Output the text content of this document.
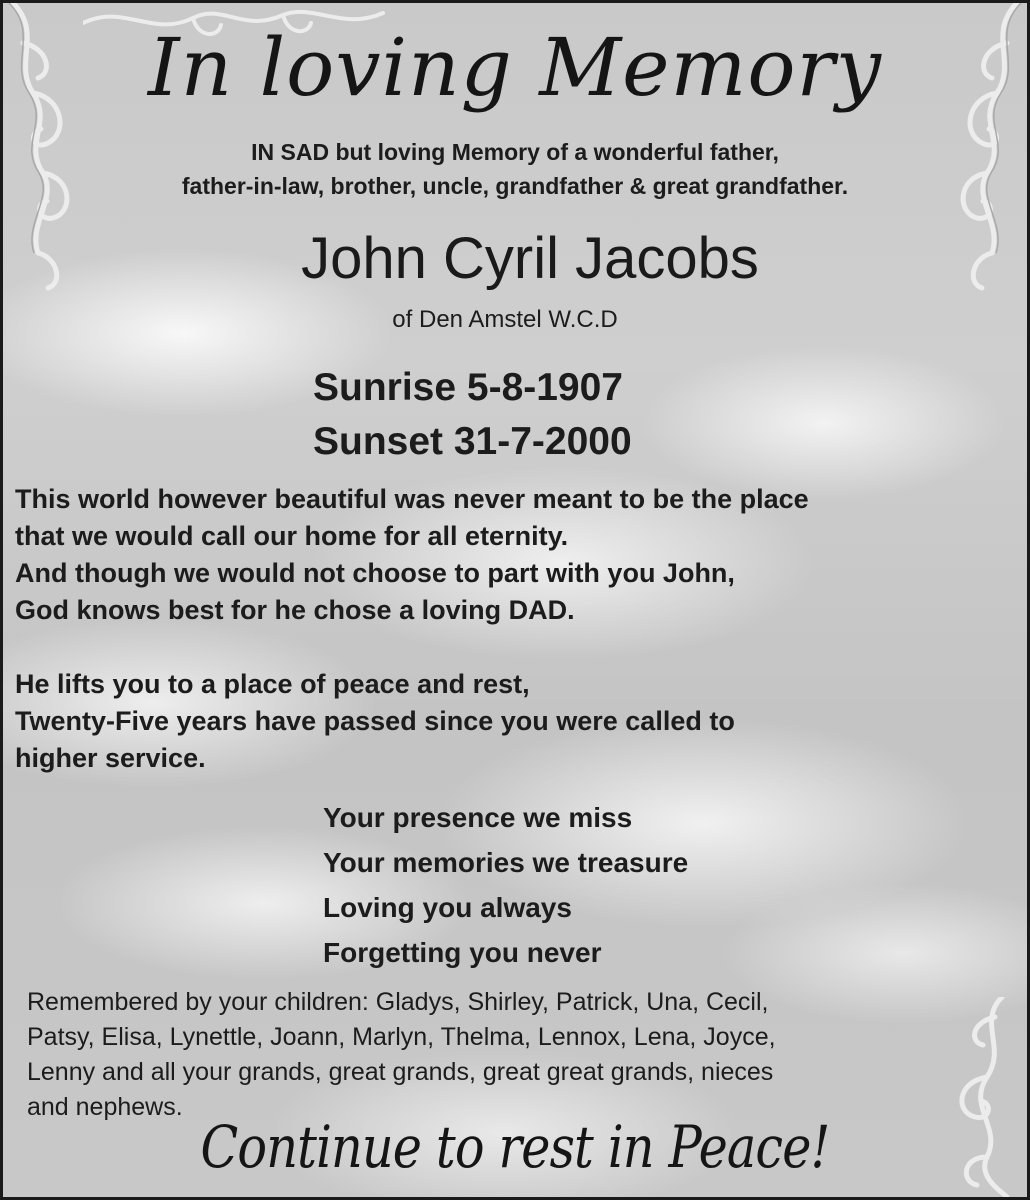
In loving Memory
IN SAD but loving Memory of a wonderful father,
father-in-law, brother, uncle, grandfather & great grandfather.
John Cyril Jacobs
of Den Amstel W.C.D
Sunrise 5-8-1907
Sunset 31-7-2000
This world however beautiful was never meant to be the place
that we would call our home for all eternity.
And though we would not choose to part with you John,
God knows best for he chose a loving DAD.
He lifts you to a place of peace and rest,
Twenty-Five years have passed since you were called to
higher service.
Your presence we miss
Your memories we treasure
Loving you always
Forgetting you never
Remembered by your children: Gladys, Shirley, Patrick, Una, Cecil,
Patsy, Elisa, Lynettle, Joann, Marlyn, Thelma, Lennox, Lena, Joyce,
Lenny and all your grands, great grands, great great grands, nieces
and nephews.
Continue to rest in Peace!
